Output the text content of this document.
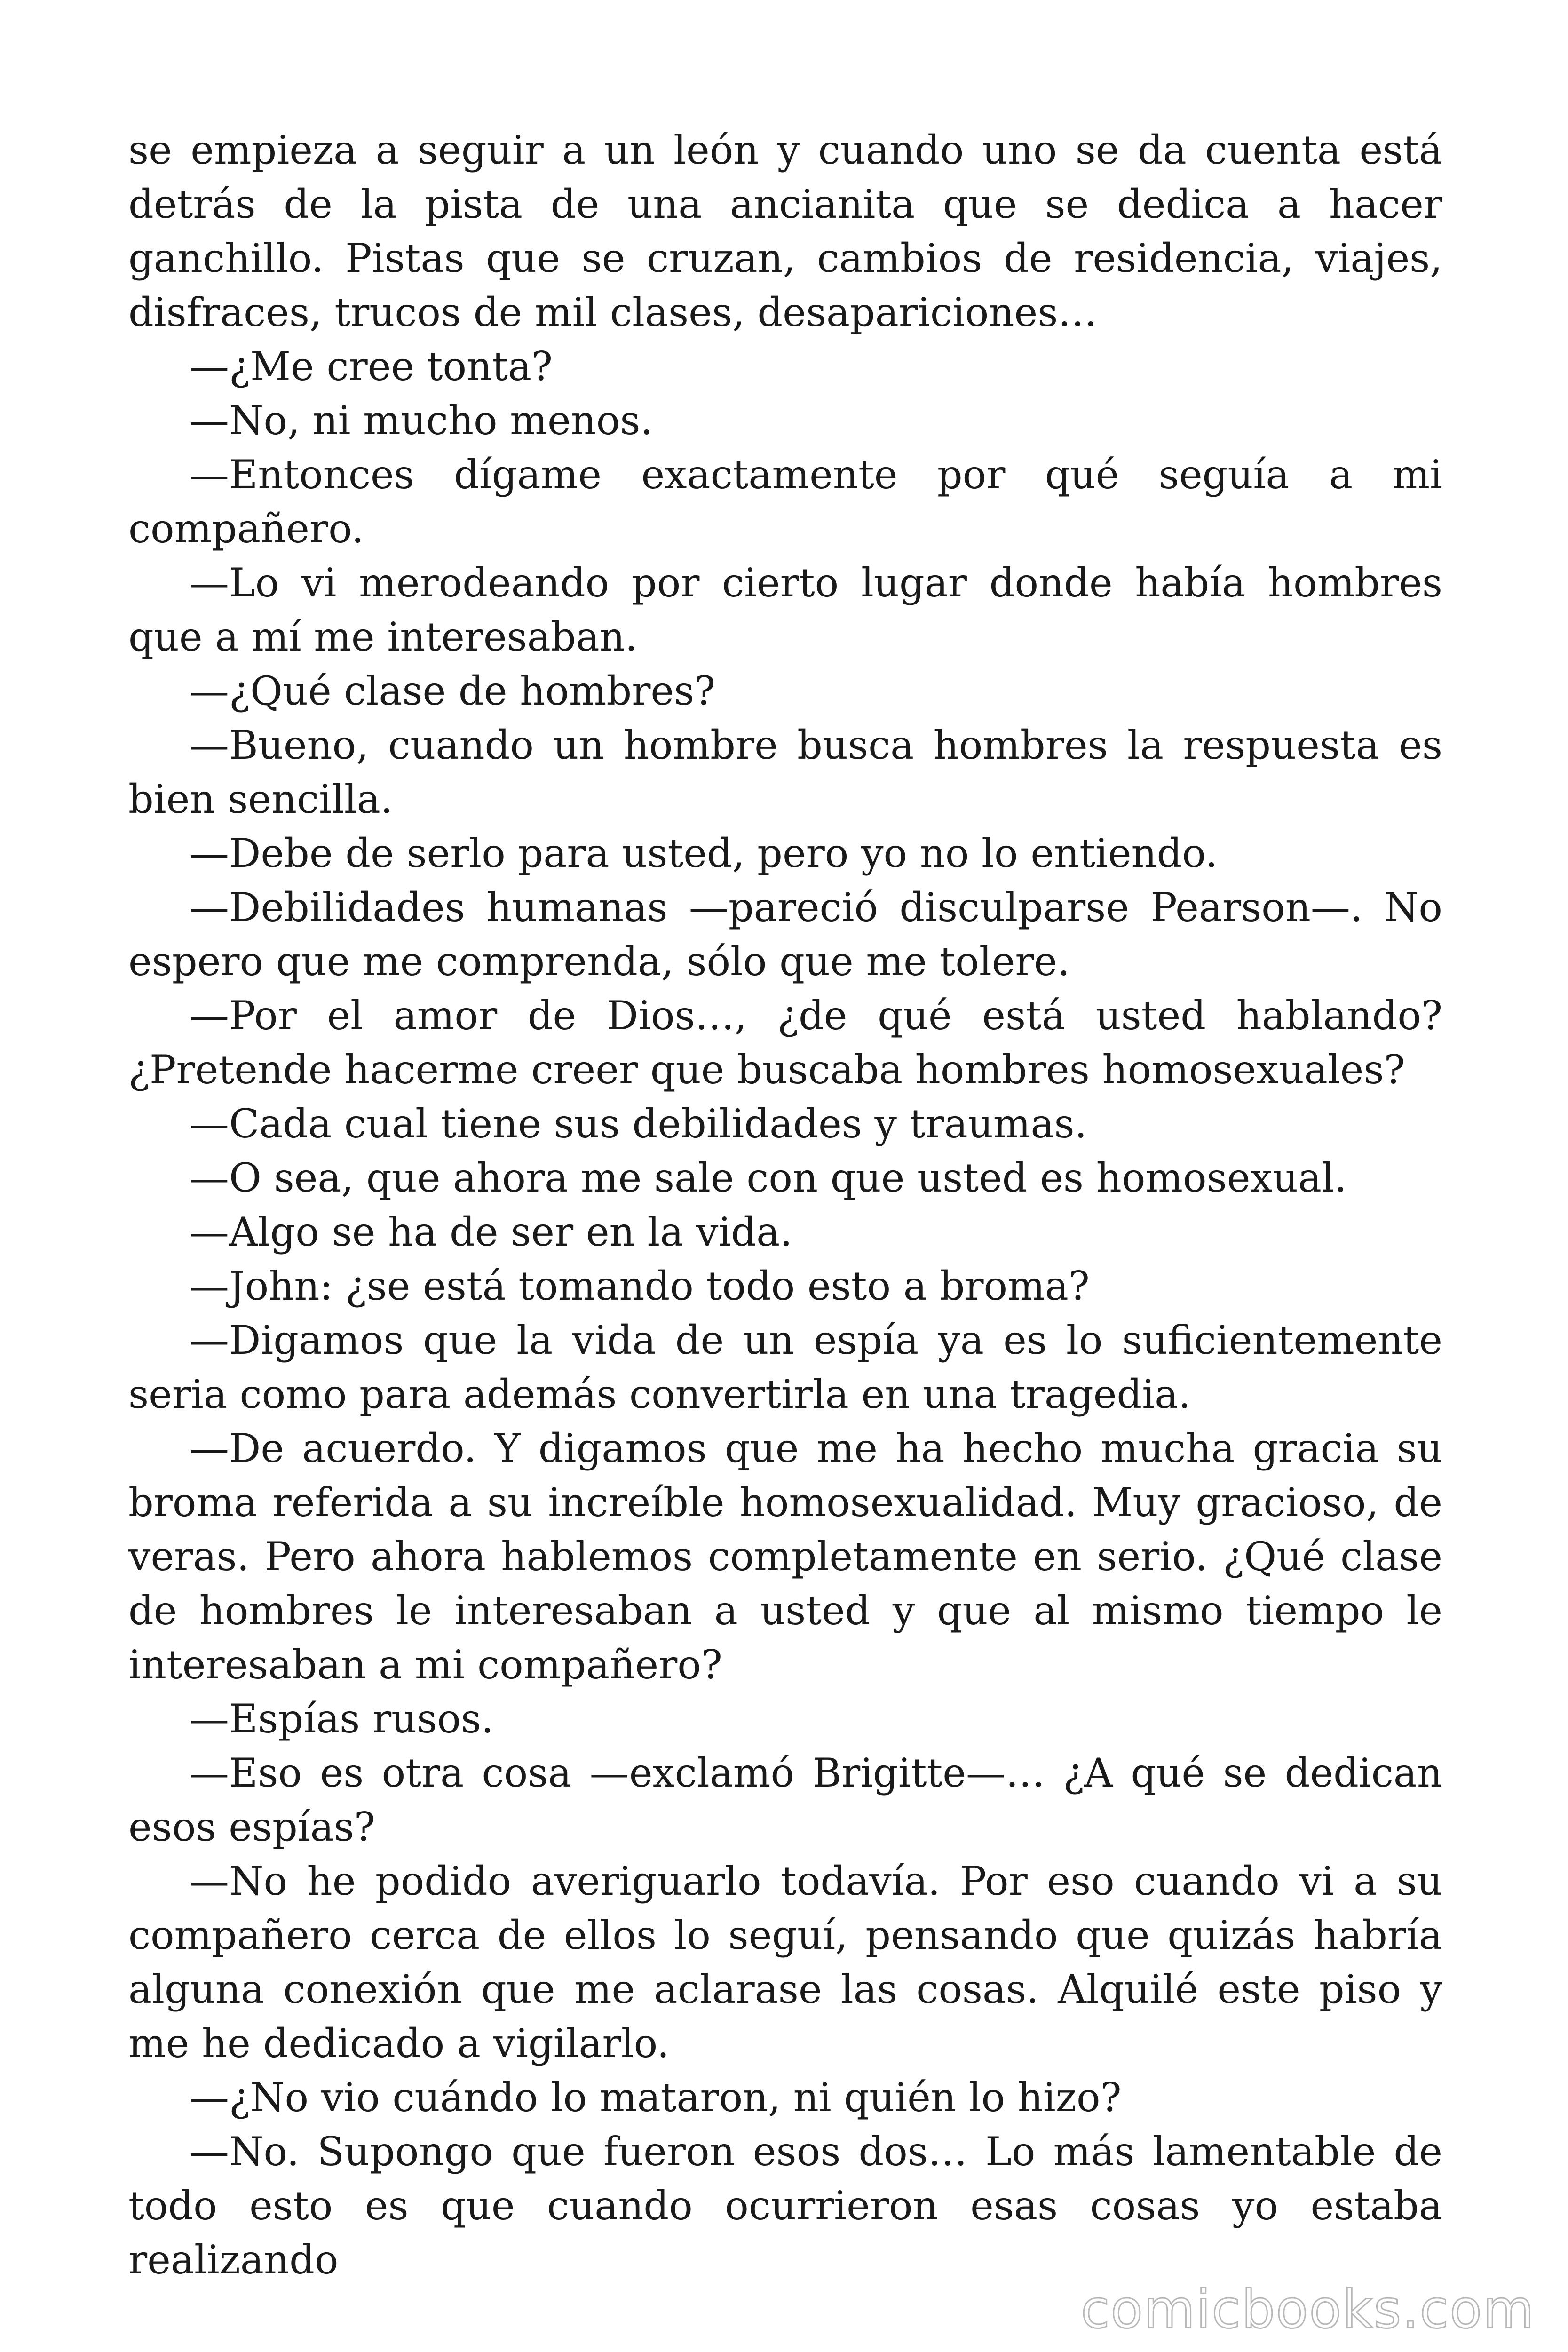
se empieza a seguir a un león y cuando uno se da cuenta está detrás de la pista de una ancianita que se dedica a hacer ganchillo. Pistas que se cruzan, cambios de residencia, viajes, disfraces, trucos de mil clases, desapariciones…

—¿Me cree tonta?

—No, ni mucho menos.

—Entonces dígame exactamente por qué seguía a mi compañero.

—Lo vi merodeando por cierto lugar donde había hombres que a mí me interesaban.

—¿Qué clase de hombres?

—Bueno, cuando un hombre busca hombres la respuesta es bien sencilla.

—Debe de serlo para usted, pero yo no lo entiendo.

—Debilidades humanas —pareció disculparse Pearson—. No espero que me comprenda, sólo que me tolere.

—Por el amor de Dios…, ¿de qué está usted hablando? ¿Pretende hacerme creer que buscaba hombres homosexuales?

—Cada cual tiene sus debilidades y traumas.

—O sea, que ahora me sale con que usted es homosexual.

—Algo se ha de ser en la vida.

—John: ¿se está tomando todo esto a broma?

—Digamos que la vida de un espía ya es lo suficientemente seria como para además convertirla en una tragedia.

—De acuerdo. Y digamos que me ha hecho mucha gracia su broma referida a su increíble homosexualidad. Muy gracioso, de veras. Pero ahora hablemos completamente en serio. ¿Qué clase de hombres le interesaban a usted y que al mismo tiempo le interesaban a mi compañero?

—Espías rusos.

—Eso es otra cosa —exclamó Brigitte—… ¿A qué se dedican esos espías?

—No he podido averiguarlo todavía. Por eso cuando vi a su compañero cerca de ellos lo seguí, pensando que quizás habría alguna conexión que me aclarase las cosas. Alquilé este piso y me he dedicado a vigilarlo.

—¿No vio cuándo lo mataron, ni quién lo hizo?

—No. Supongo que fueron esos dos… Lo más lamentable de todo esto es que cuando ocurrieron esas cosas yo estaba realizando

comicbooks.com
